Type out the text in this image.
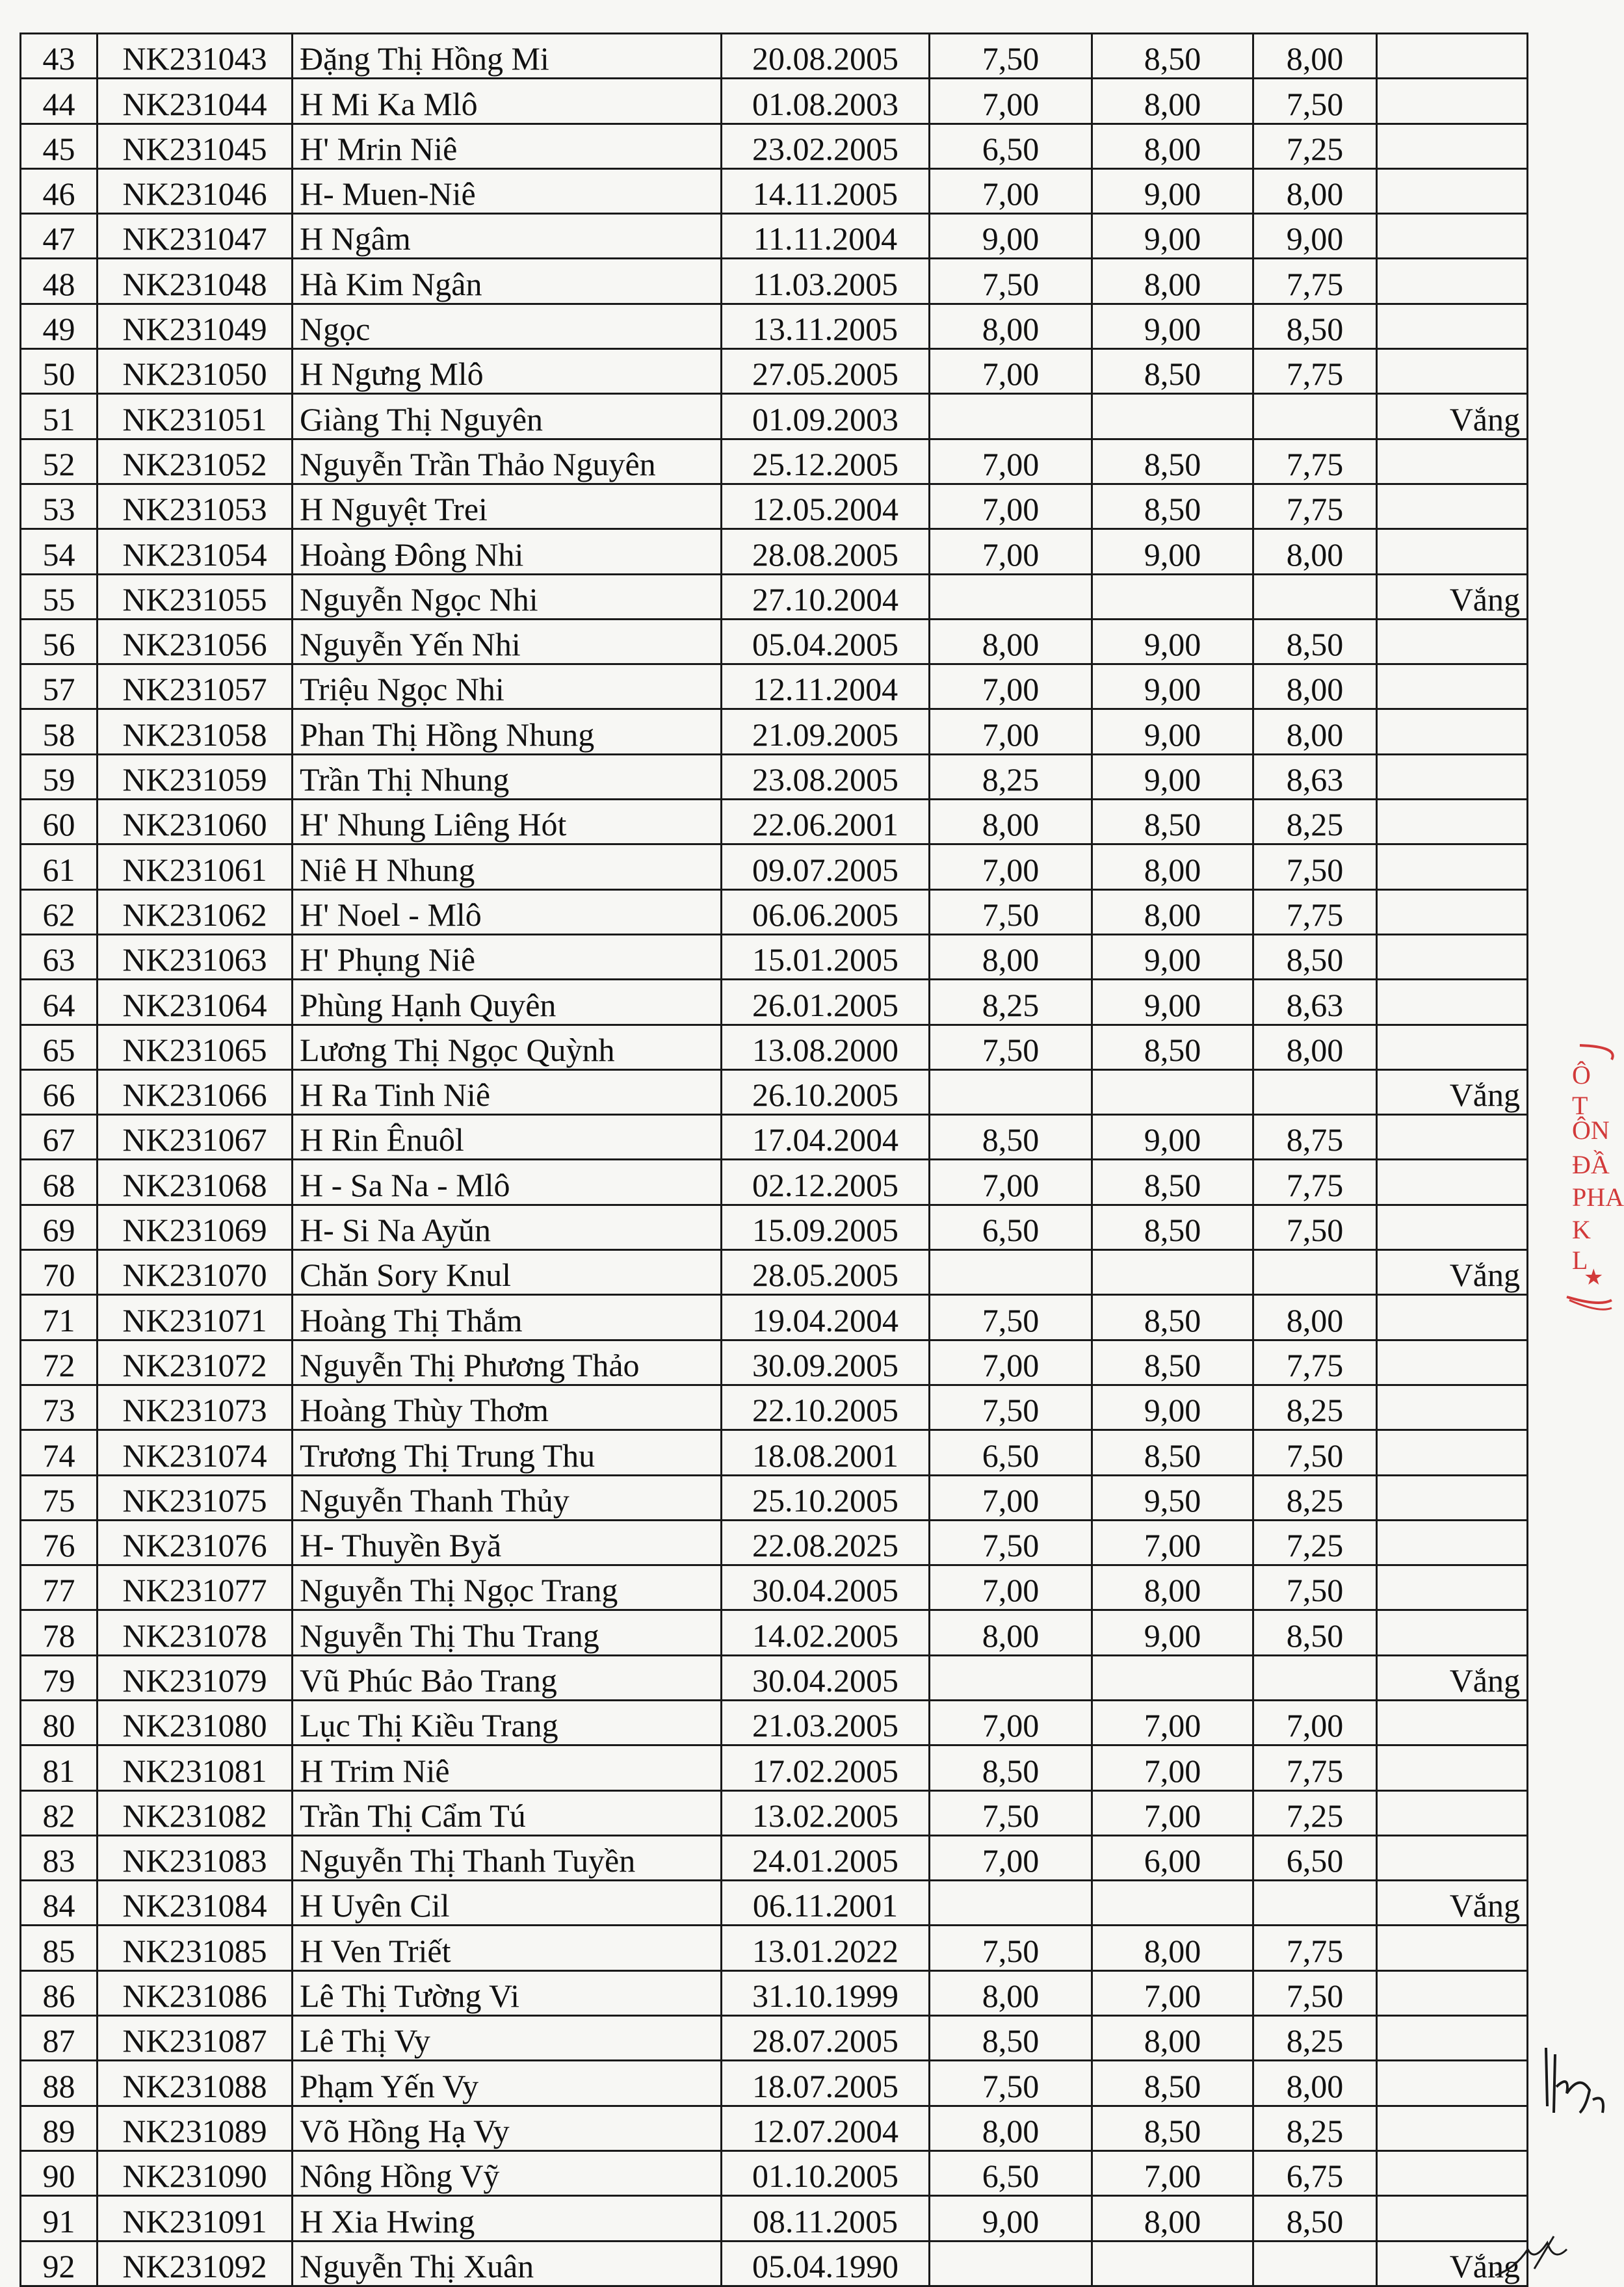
43	NK231043	Đặng Thị Hồng Mi	20.08.2005	7,50	8,50	8,00	
44	NK231044	H Mi Ka Mlô	01.08.2003	7,00	8,00	7,50	
45	NK231045	H' Mrin Niê	23.02.2005	6,50	8,00	7,25	
46	NK231046	H- Muen-Niê	14.11.2005	7,00	9,00	8,00	
47	NK231047	H Ngâm	11.11.2004	9,00	9,00	9,00	
48	NK231048	Hà Kim Ngân	11.03.2005	7,50	8,00	7,75	
49	NK231049	Ngọc	13.11.2005	8,00	9,00	8,50	
50	NK231050	H Ngưng Mlô	27.05.2005	7,00	8,50	7,75	
51	NK231051	Giàng Thị Nguyên	01.09.2003				Vắng
52	NK231052	Nguyễn Trần Thảo Nguyên	25.12.2005	7,00	8,50	7,75	
53	NK231053	H Nguyệt Trei	12.05.2004	7,00	8,50	7,75	
54	NK231054	Hoàng Đông Nhi	28.08.2005	7,00	9,00	8,00	
55	NK231055	Nguyễn Ngọc Nhi	27.10.2004				Vắng
56	NK231056	Nguyễn Yến Nhi	05.04.2005	8,00	9,00	8,50	
57	NK231057	Triệu Ngọc Nhi	12.11.2004	7,00	9,00	8,00	
58	NK231058	Phan Thị Hồng Nhung	21.09.2005	7,00	9,00	8,00	
59	NK231059	Trần Thị Nhung	23.08.2005	8,25	9,00	8,63	
60	NK231060	H' Nhung Liêng Hót	22.06.2001	8,00	8,50	8,25	
61	NK231061	Niê H Nhung	09.07.2005	7,00	8,00	7,50	
62	NK231062	H' Noel - Mlô	06.06.2005	7,50	8,00	7,75	
63	NK231063	H' Phụng Niê	15.01.2005	8,00	9,00	8,50	
64	NK231064	Phùng Hạnh Quyên	26.01.2005	8,25	9,00	8,63	
65	NK231065	Lương Thị Ngọc Quỳnh	13.08.2000	7,50	8,50	8,00	
66	NK231066	H Ra Tinh Niê	26.10.2005				Vắng
67	NK231067	H Rin Ênuôl	17.04.2004	8,50	9,00	8,75	
68	NK231068	H - Sa Na - Mlô	02.12.2005	7,00	8,50	7,75	
69	NK231069	H- Si Na Ayŭn	15.09.2005	6,50	8,50	7,50	
70	NK231070	Chăn Sory Knul	28.05.2005				Vắng
71	NK231071	Hoàng Thị Thắm	19.04.2004	7,50	8,50	8,00	
72	NK231072	Nguyễn Thị Phương Thảo	30.09.2005	7,00	8,50	7,75	
73	NK231073	Hoàng Thùy Thơm	22.10.2005	7,50	9,00	8,25	
74	NK231074	Trương Thị Trung Thu	18.08.2001	6,50	8,50	7,50	
75	NK231075	Nguyễn Thanh Thủy	25.10.2005	7,00	9,50	8,25	
76	NK231076	H- Thuyền Byă	22.08.2025	7,50	7,00	7,25	
77	NK231077	Nguyễn Thị Ngọc Trang	30.04.2005	7,00	8,00	7,50	
78	NK231078	Nguyễn Thị Thu Trang	14.02.2005	8,00	9,00	8,50	
79	NK231079	Vũ Phúc Bảo Trang	30.04.2005				Vắng
80	NK231080	Lục Thị Kiều Trang	21.03.2005	7,00	7,00	7,00	
81	NK231081	H Trim Niê	17.02.2005	8,50	7,00	7,75	
82	NK231082	Trần Thị Cẩm Tú	13.02.2005	7,50	7,00	7,25	
83	NK231083	Nguyễn Thị Thanh Tuyền	24.01.2005	7,00	6,00	6,50	
84	NK231084	H Uyên Cil	06.11.2001				Vắng
85	NK231085	H Ven Triết	13.01.2022	7,50	8,00	7,75	
86	NK231086	Lê Thị Tường Vi	31.10.1999	8,00	7,00	7,50	
87	NK231087	Lê Thị Vy	28.07.2005	8,50	8,00	8,25	
88	NK231088	Phạm Yến Vy	18.07.2005	7,50	8,50	8,00	
89	NK231089	Võ Hồng Hạ Vy	12.07.2004	8,00	8,50	8,25	
90	NK231090	Nông Hồng Vỹ	01.10.2005	6,50	7,00	6,75	
91	NK231091	H Xia Hwing	08.11.2005	9,00	8,00	8,50	
92	NK231092	Nguyễn Thị Xuân	05.04.1990				Vắng
Ô T
ÔN
ĐẦ
PHA
K L
★
